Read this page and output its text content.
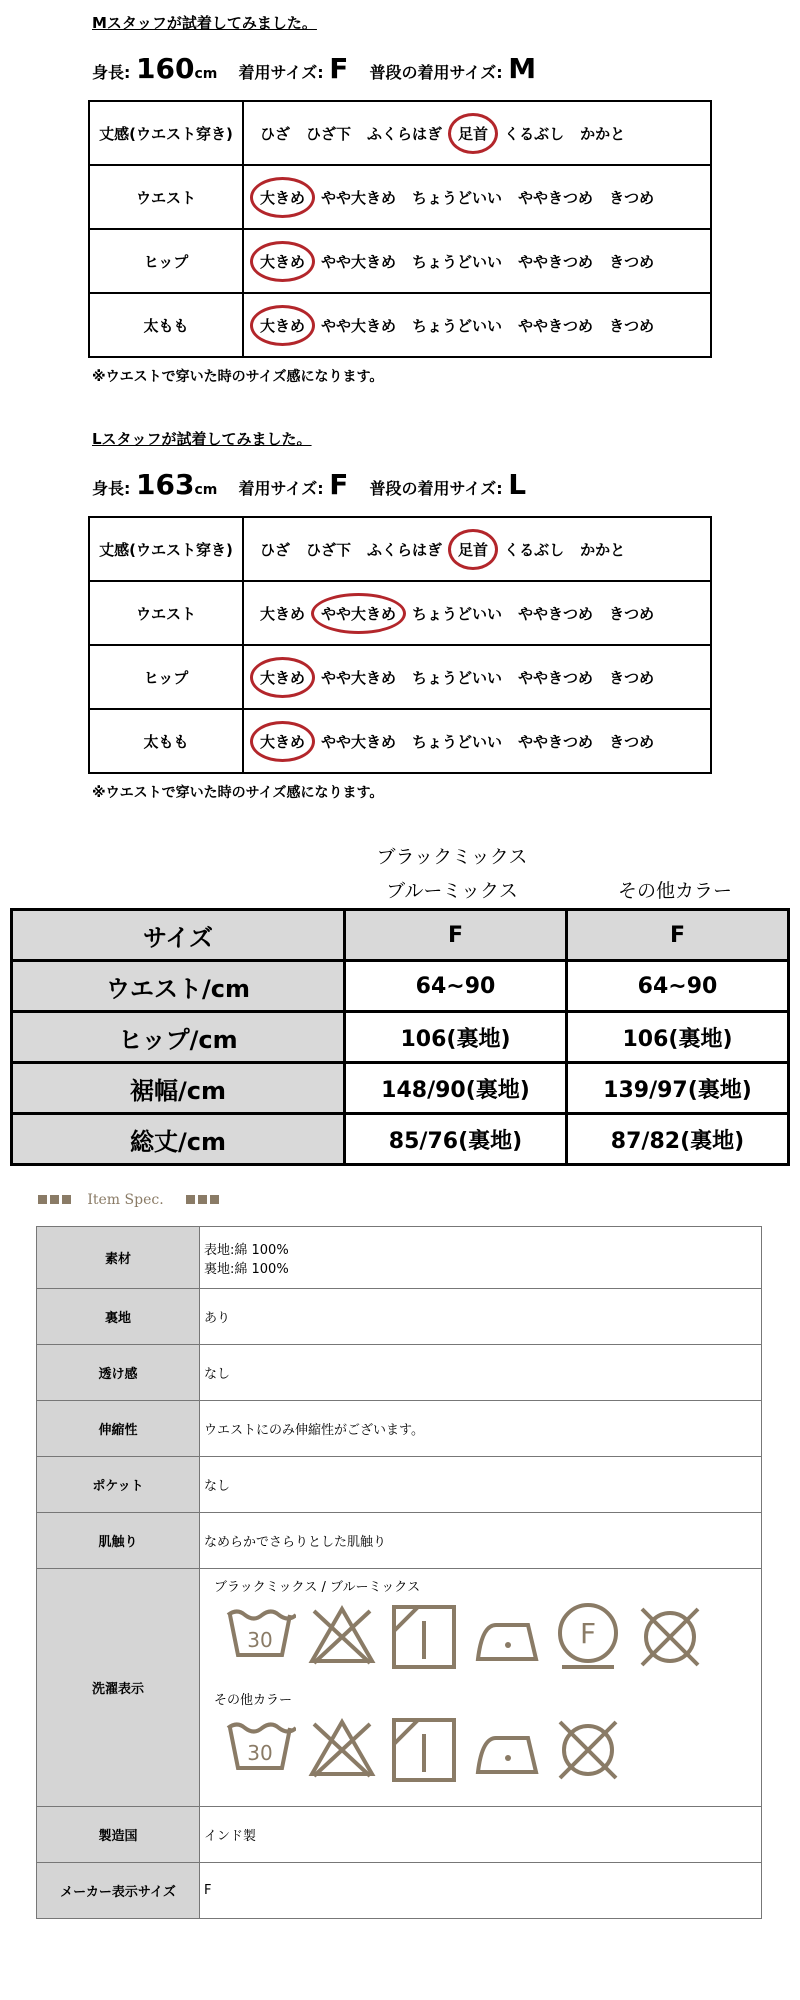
Mスタッフが試着してみました。
身長: 160cm 着用サイズ: F 普段の着用サイズ: M
丈感(ウエスト穿き)	ひざ ひざ下 ふくらはぎ 足首 くるぶし かかと
ウエスト	大きめ やや大きめ ちょうどいい ややきつめ きつめ
ヒップ	大きめ やや大きめ ちょうどいい ややきつめ きつめ
太もも	大きめ やや大きめ ちょうどいい ややきつめ きつめ
※ウエストで穿いた時のサイズ感になります。
Lスタッフが試着してみました。
身長: 163cm 着用サイズ: F 普段の着用サイズ: L
丈感(ウエスト穿き)	ひざ ひざ下 ふくらはぎ 足首 くるぶし かかと
ウエスト	大きめ やや大きめ ちょうどいい ややきつめ きつめ
ヒップ	大きめ やや大きめ ちょうどいい ややきつめ きつめ
太もも	大きめ やや大きめ ちょうどいい ややきつめ きつめ
※ウエストで穿いた時のサイズ感になります。
ブラックミックス
ブルーミックス	その他カラー
サイズ	F	F
ウエスト/cm	64~90	64~90
ヒップ/cm	106(裏地)	106(裏地)
裾幅/cm	148/90(裏地)	139/97(裏地)
総丈/cm	85/76(裏地)	87/82(裏地)
Item Spec.
素材	表地:綿 100%
裏地:綿 100%

裏地	あり
透け感	なし
伸縮性	ウエストにのみ伸縮性がございます。
ポケット	なし
肌触り	なめらかでさらりとした肌触り
洗濯表示	ブラックミックス / ブルーミックス
30 F
その他カラー
30

製造国	インド製
メーカー表示サイズ	F
